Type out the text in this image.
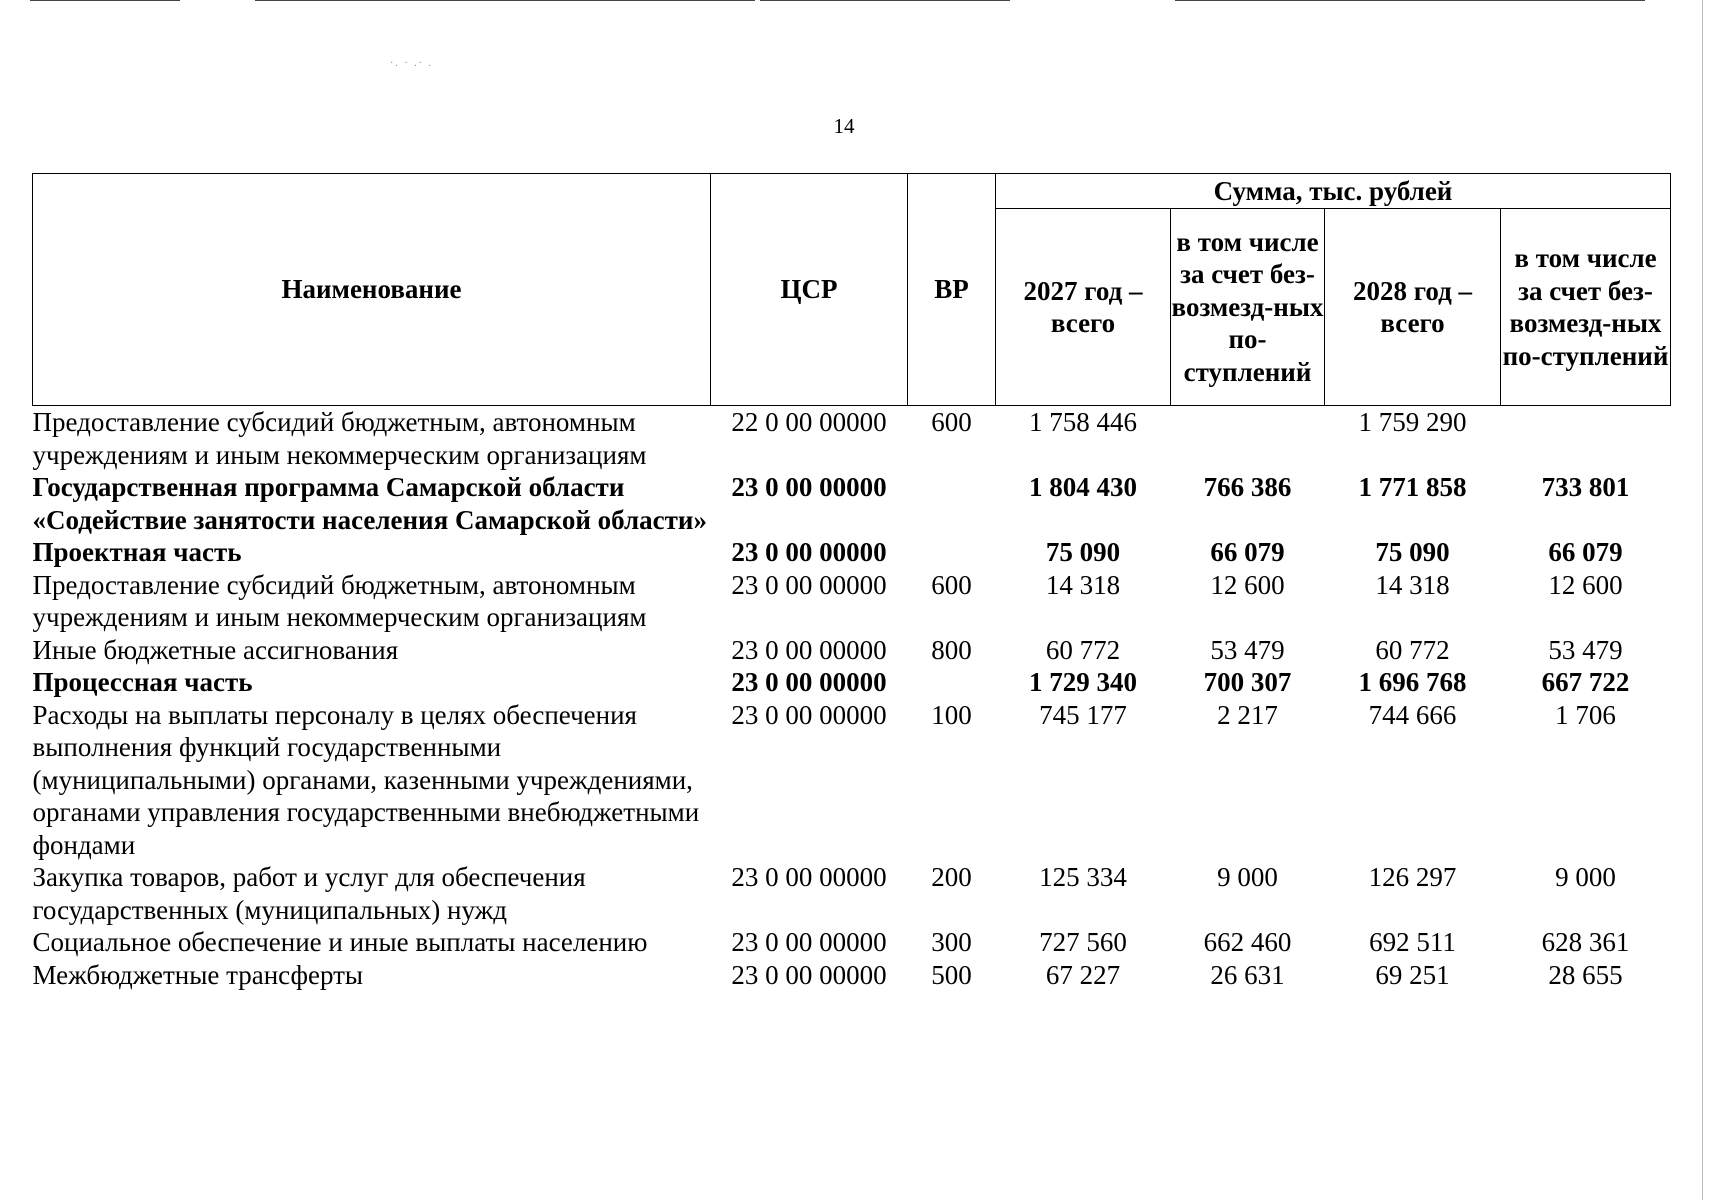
·. · .· .
14
Наименование	ЦСР	ВР	Сумма, тыс. рублей			
			2027 год – всего	в том числе за счет без-возмезд-ных по-ступлений	2028 год – всего	в том числе за счет без-возмезд-ных по-ступлений
Предоставление субсидий бюджетным, автономным учреждениям и иным некоммерческим организациям	22 0 00 00000	600	1 758 446		1 759 290	
Государственная программа Самарской области «Содействие занятости населения Самарской области»	23 0 00 00000		1 804 430	766 386	1 771 858	733 801
Проектная часть	23 0 00 00000		75 090	66 079	75 090	66 079
Предоставление субсидий бюджетным, автономным учреждениям и иным некоммерческим организациям	23 0 00 00000	600	14 318	12 600	14 318	12 600
Иные бюджетные ассигнования	23 0 00 00000	800	60 772	53 479	60 772	53 479
Процессная часть	23 0 00 00000		1 729 340	700 307	1 696 768	667 722
Расходы на выплаты персоналу в целях обеспечения выполнения функций государственными (муниципальными) органами, казенными учреждениями, органами управления государственными внебюджетными фондами	23 0 00 00000	100	745 177	2 217	744 666	1 706
Закупка товаров, работ и услуг для обеспечения государственных (муниципальных) нужд	23 0 00 00000	200	125 334	9 000	126 297	9 000
Социальное обеспечение и иные выплаты населению	23 0 00 00000	300	727 560	662 460	692 511	628 361
Межбюджетные трансферты	23 0 00 00000	500	67 227	26 631	69 251	28 655
